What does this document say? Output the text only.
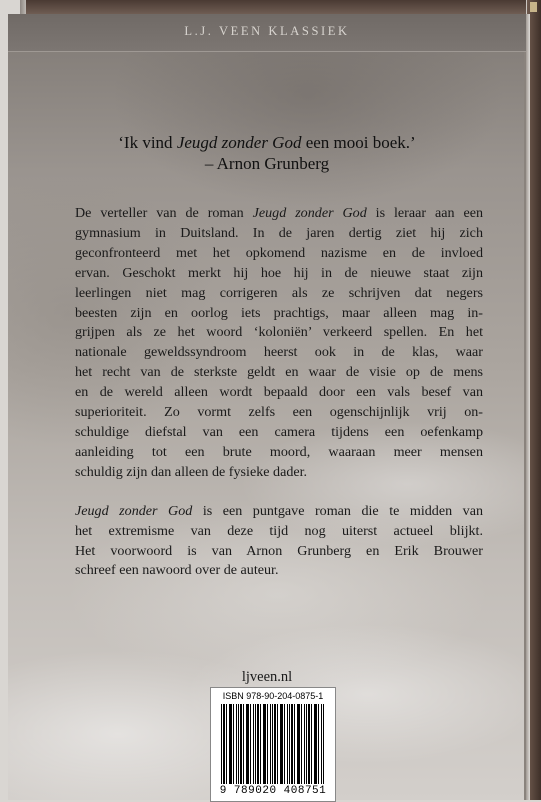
L.J. VEEN KLASSIEK
‘Ik vind Jeugd zonder God een mooi boek.’
– Arnon Grunberg

De verteller van de roman Jeugd zonder God is leraar aan een
gymnasium in Duitsland. In de jaren dertig ziet hij zich
geconfronteerd met het opkomend nazisme en de invloed
ervan. Geschokt merkt hij hoe hij in de nieuwe staat zijn
leerlingen niet mag corrigeren als ze schrijven dat negers
beesten zijn en oorlog iets prachtigs, maar alleen mag in-
grijpen als ze het woord ‘koloniën’ verkeerd spellen. En het
nationale geweldssyndroom heerst ook in de klas, waar
het recht van de sterkste geldt en waar de visie op de mens
en de wereld alleen wordt bepaald door een vals besef van
superioriteit. Zo vormt zelfs een ogenschijnlijk vrij on-
schuldige diefstal van een camera tijdens een oefenkamp
aanleiding tot een brute moord, waaraan meer mensen
schuldig zijn dan alleen de fysieke dader.

Jeugd zonder God is een puntgave roman die te midden van
het extremisme van deze tijd nog uiterst actueel blijkt.
Het voorwoord is van Arnon Grunberg en Erik Brouwer
schreef een nawoord over de auteur.

ljveen.nl
ISBN 978-90-204-0875-1
9 789020 408751
